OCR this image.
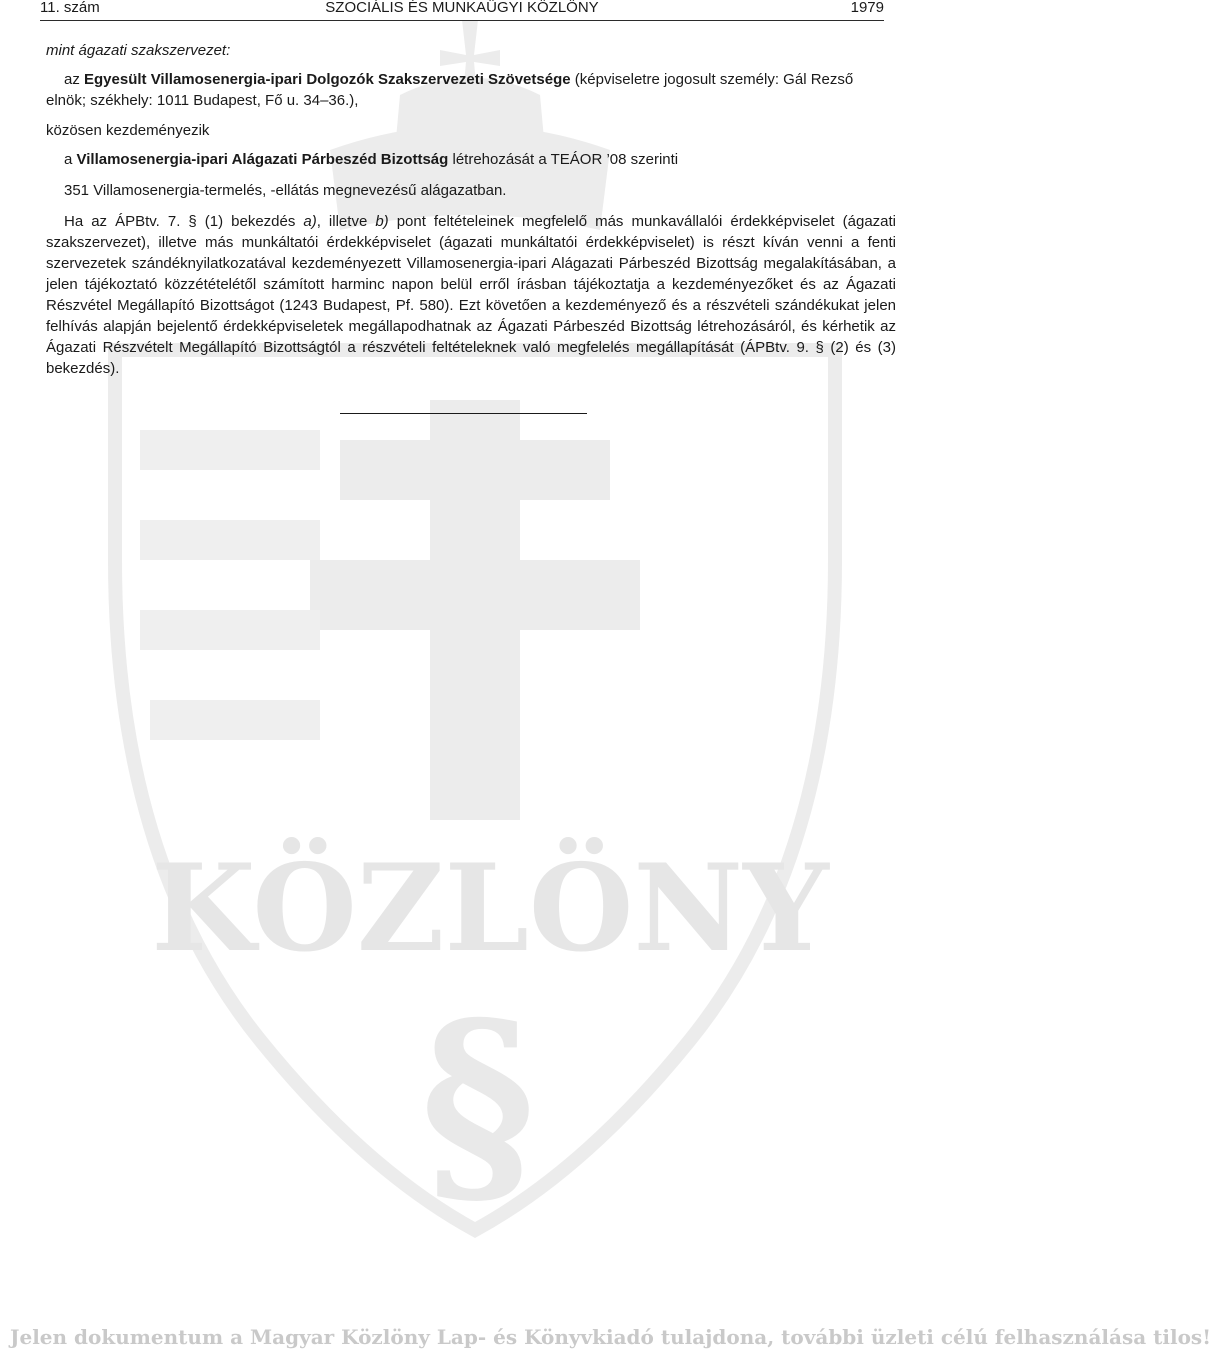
KÖZLÖNY
§
11. szám	SZOCIÁLIS ÉS MUNKAÜGYI KÖZLÖNY	1979

mint ágazati szakszervezet:

az Egyesült Villamosenergia-ipari Dolgozók Szakszervezeti Szövetsége (képviseletre jogosult személy: Gál Rezső elnök; székhely: 1011 Budapest, Fő u. 34–36.),

közösen kezdeményezik

a Villamosenergia-ipari Alágazati Párbeszéd Bizottság létrehozását a TEÁOR ’08 szerinti

351 Villamosenergia-termelés, -ellátás megnevezésű alágazatban.

Ha az ÁPBtv. 7. § (1) bekezdés a), illetve b) pont feltételeinek megfelelő más munkavállalói érdekképviselet (ágazati szakszervezet), illetve más munkáltatói érdekképviselet (ágazati munkáltatói érdekképviselet) is részt kíván venni a fenti szervezetek szándéknyilatkozatával kezdeményezett Villamosenergia-ipari Alágazati Párbeszéd Bizottság megalakításában, a jelen tájékoztató közzétételétől számított harminc napon belül erről írásban tájékoztatja a kezdeményezőket és az Ágazati Részvétel Megállapító Bizottságot (1243 Budapest, Pf. 580). Ezt követően a kezdeményező és a részvételi szándékukat jelen felhívás alapján bejelentő érdekképviseletek megállapodhatnak az Ágazati Párbeszéd Bizottság létrehozásáról, és kérhetik az Ágazati Részvételt Megállapító Bizottságtól a részvételi feltételeknek való megfelelés megállapítását (ÁPBtv. 9. § (2) és (3) bekezdés).

Jelen dokumentum a Magyar Közlöny Lap- és Könyvkiadó tulajdona, további üzleti célú felhasználása tilos!
